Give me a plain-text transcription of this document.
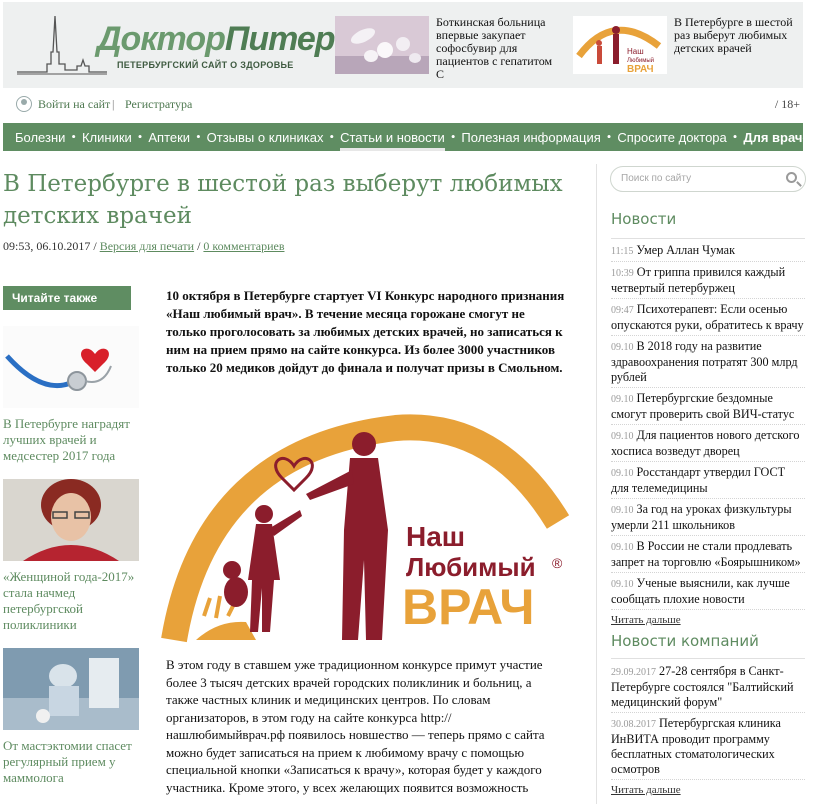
ДокторПитер
ПЕТЕРБУРГСКИЙ САЙТ О ЗДОРОВЬЕ
Боткинская больница впервые закупает софосбувир для пациентов с гепатитом С
Наш
Любимый
ВРАЧ
В Петербурге в шестой раз выберут любимых детских врачей
Войти на сайт | Регистратура	/ 18+
Болезни • Клиники • Аптеки • Отзывы о клиниках • Статьи и новости • Полезная информация • Спросите доктора • Для врачей
В Петербурге в шестой раз выберут любимых детских врачей
09:53, 06.10.2017 / Версия для печати / 0 комментариев
Читайте также
В Петербурге наградят лучших врачей и медсестер 2017 года
«Женщиной года-2017» стала начмед петербургской поликлиники
От мастэктомии спасет регулярный прием у маммолога

10 октября в Петербурге стартует VI Конкурс народного признания «Наш любимый врач». В течение месяца горожане смогут не только проголосовать за любимых детских врачей, но записаться к ним на прием прямо на сайте конкурса. Из более 3000 участников только 20 медиков дойдут до финала и получат призы в Смольном.

Наш
Любимый ®
ВРАЧ

В этом году в ставшем уже традиционном конкурсе примут участие более 3 тысяч детских врачей городских поликлиник и больниц, а также частных клиник и медицинских центров. По словам организаторов, в этом году на сайте конкурса http://нашлюбимыйврач.рф появилось новшество — теперь прямо с сайта можно будет записаться на прием к любимому врачу с помощью специальной кнопки «Записаться к врачу», которая будет у каждого участника. Кроме этого, у всех желающих появится возможность

Поиск по сайту
Новости
11:15 Умер Аллан Чумак
10:39 От гриппа привился каждый четвертый петербуржец
09:47 Психотерапевт: Если осенью опускаются руки, обратитесь к врачу
09.10 В 2018 году на развитие здравоохранения потратят 300 млрд рублей
09.10 Петербургские бездомные смогут проверить свой ВИЧ-статус
09.10 Для пациентов нового детского хосписа возведут дворец
09.10 Росстандарт утвердил ГОСТ для телемедицины
09.10 За год на уроках физкультуры умерли 211 школьников
09.10 В России не стали продлевать запрет на торговлю «Боярышником»
09.10 Ученые выяснили, как лучше сообщать плохие новости
Читать дальше
Новости компаний
29.09.2017 27-28 сентября в Санкт-Петербурге состоялся "Балтийский медицинский форум"
30.08.2017 Петербургская клиника ИнВИТА проводит программу бесплатных стоматологических осмотров
Читать дальше
